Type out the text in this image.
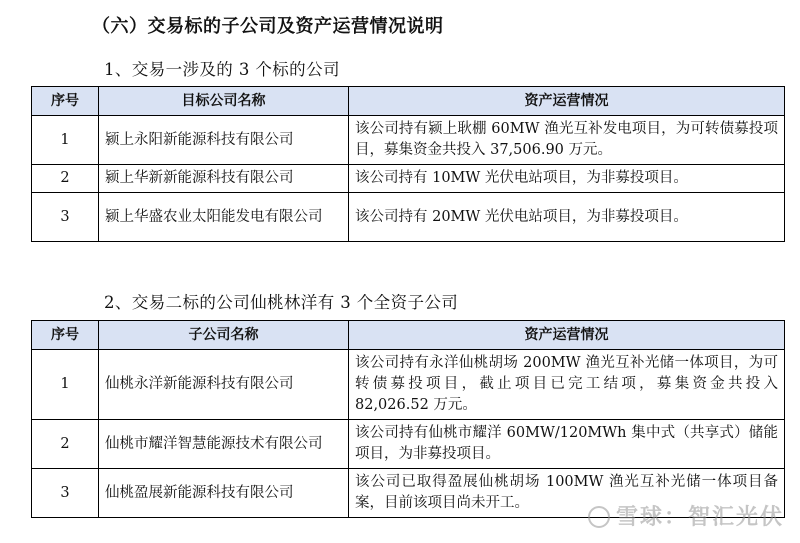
（六）交易标的子公司及资产运营情况说明
1、交易一涉及的 3 个标的公司
序号	目标公司名称	资产运营情况
1	颍上永阳新能源科技有限公司	该公司持有颍上耿棚 60MW 渔光互补发电项目，为可转债募投项目，募集资金共投入 37,506.90 万元。
2	颍上华新新能源科技有限公司	该公司持有 10MW 光伏电站项目，为非募投项目。
3	颍上华盛农业太阳能发电有限公司	该公司持有 20MW 光伏电站项目，为非募投项目。
2、交易二标的公司仙桃林洋有 3 个全资子公司
序号	子公司名称	资产运营情况
1	仙桃永洋新能源科技有限公司	该公司持有永洋仙桃胡场 200MW 渔光互补光储一体项目，为可转债募投项目，截止项目已完工结项，募集资金共投入 82,026.52 万元。
2	仙桃市耀洋智慧能源技术有限公司	该公司持有仙桃市耀洋 60MW/120MWh 集中式（共享式）储能项目，为非募投项目。
3	仙桃盈展新能源科技有限公司	该公司已取得盈展仙桃胡场 100MW 渔光互补光储一体项目备案，目前该项目尚未开工。
雪球：智汇光伏
